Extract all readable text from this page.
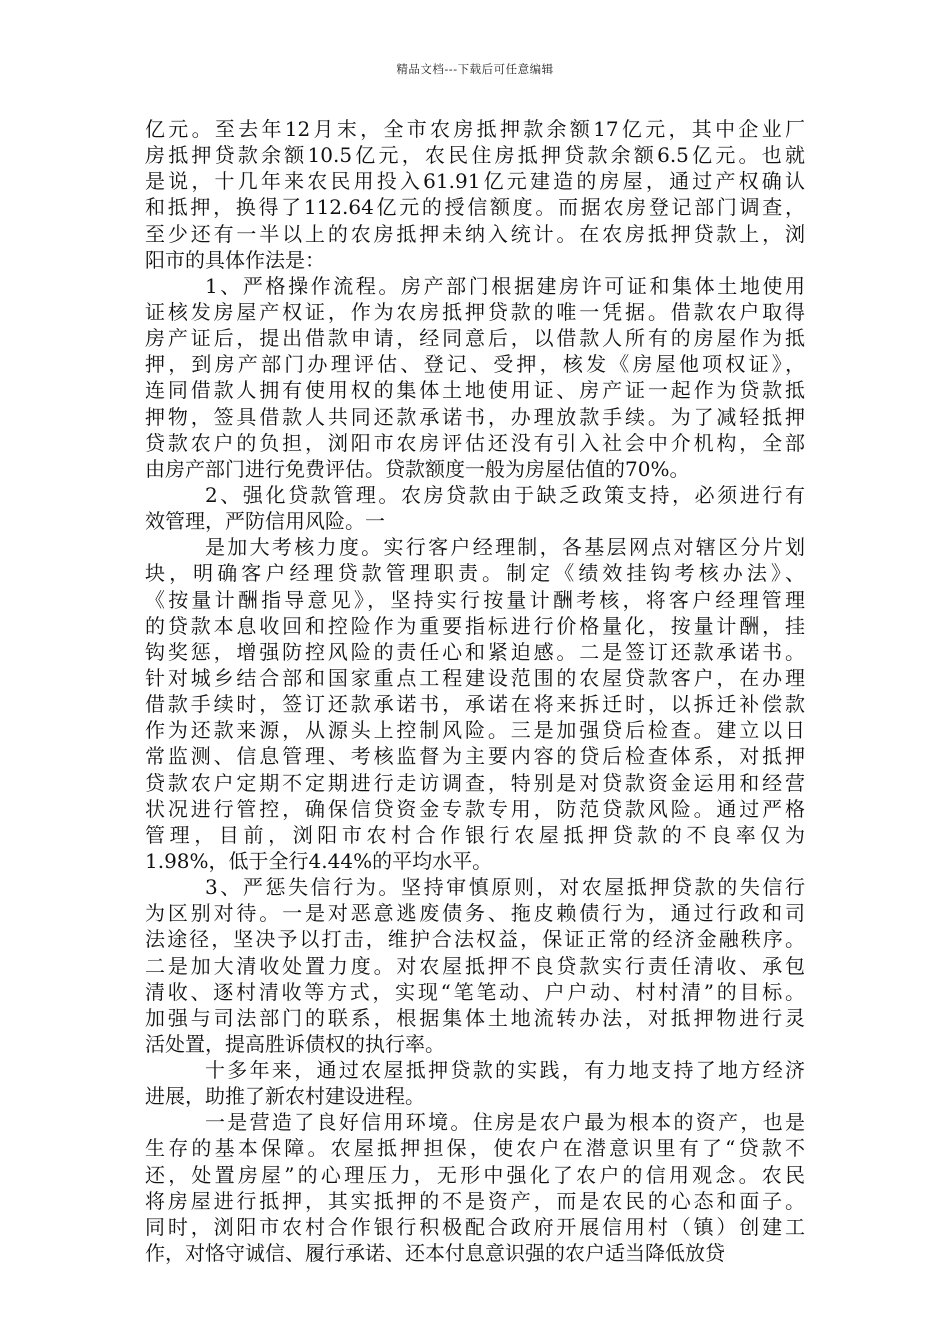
精品文档---下载后可任意编辑
亿元。至去年12月末，全市农房抵押款余额17亿元，其中企业厂
房抵押贷款余额10.5亿元，农民住房抵押贷款余额6.5亿元。也就
是说，十几年来农民用投入61.91亿元建造的房屋，通过产权确认
和抵押，换得了112.64亿元的授信额度。而据农房登记部门调查，
至少还有一半以上的农房抵押未纳入统计。在农房抵押贷款上，浏
阳市的具体作法是：
1、严格操作流程。房产部门根据建房许可证和集体土地使用
证核发房屋产权证，作为农房抵押贷款的唯一凭据。借款农户取得
房产证后，提出借款申请，经同意后，以借款人所有的房屋作为抵
押，到房产部门办理评估、登记、受押，核发《房屋他项权证》，
连同借款人拥有使用权的集体土地使用证、房产证一起作为贷款抵
押物，签具借款人共同还款承诺书，办理放款手续。为了减轻抵押
贷款农户的负担，浏阳市农房评估还没有引入社会中介机构，全部
由房产部门进行免费评估。贷款额度一般为房屋估值的70%。
2、强化贷款管理。农房贷款由于缺乏政策支持，必须进行有
效管理，严防信用风险。一
是加大考核力度。实行客户经理制，各基层网点对辖区分片划
块，明确客户经理贷款管理职责。制定《绩效挂钩考核办法》、
《按量计酬指导意见》，坚持实行按量计酬考核，将客户经理管理
的贷款本息收回和控险作为重要指标进行价格量化，按量计酬，挂
钩奖惩，增强防控风险的责任心和紧迫感。二是签订还款承诺书。
针对城乡结合部和国家重点工程建设范围的农屋贷款客户，在办理
借款手续时，签订还款承诺书，承诺在将来拆迁时，以拆迁补偿款
作为还款来源，从源头上控制风险。三是加强贷后检查。建立以日
常监测、信息管理、考核监督为主要内容的贷后检查体系，对抵押
贷款农户定期不定期进行走访调查，特别是对贷款资金运用和经营
状况进行管控，确保信贷资金专款专用，防范贷款风险。通过严格
管理，目前，浏阳市农村合作银行农屋抵押贷款的不良率仅为
1.98%，低于全行4.44%的平均水平。
3、严惩失信行为。坚持审慎原则，对农屋抵押贷款的失信行
为区别对待。一是对恶意逃废债务、拖皮赖债行为，通过行政和司
法途径，坚决予以打击，维护合法权益，保证正常的经济金融秩序。
二是加大清收处置力度。对农屋抵押不良贷款实行责任清收、承包
清收、逐村清收等方式，实现“笔笔动、户户动、村村清”的目标。
加强与司法部门的联系，根据集体土地流转办法，对抵押物进行灵
活处置，提高胜诉债权的执行率。
十多年来，通过农屋抵押贷款的实践，有力地支持了地方经济
进展，助推了新农村建设进程。
一是营造了良好信用环境。住房是农户最为根本的资产，也是
生存的基本保障。农屋抵押担保，使农户在潜意识里有了“贷款不
还，处置房屋”的心理压力，无形中强化了农户的信用观念。农民
将房屋进行抵押，其实抵押的不是资产，而是农民的心态和面子。
同时，浏阳市农村合作银行积极配合政府开展信用村（镇）创建工
作，对恪守诚信、履行承诺、还本付息意识强的农户适当降低放贷
